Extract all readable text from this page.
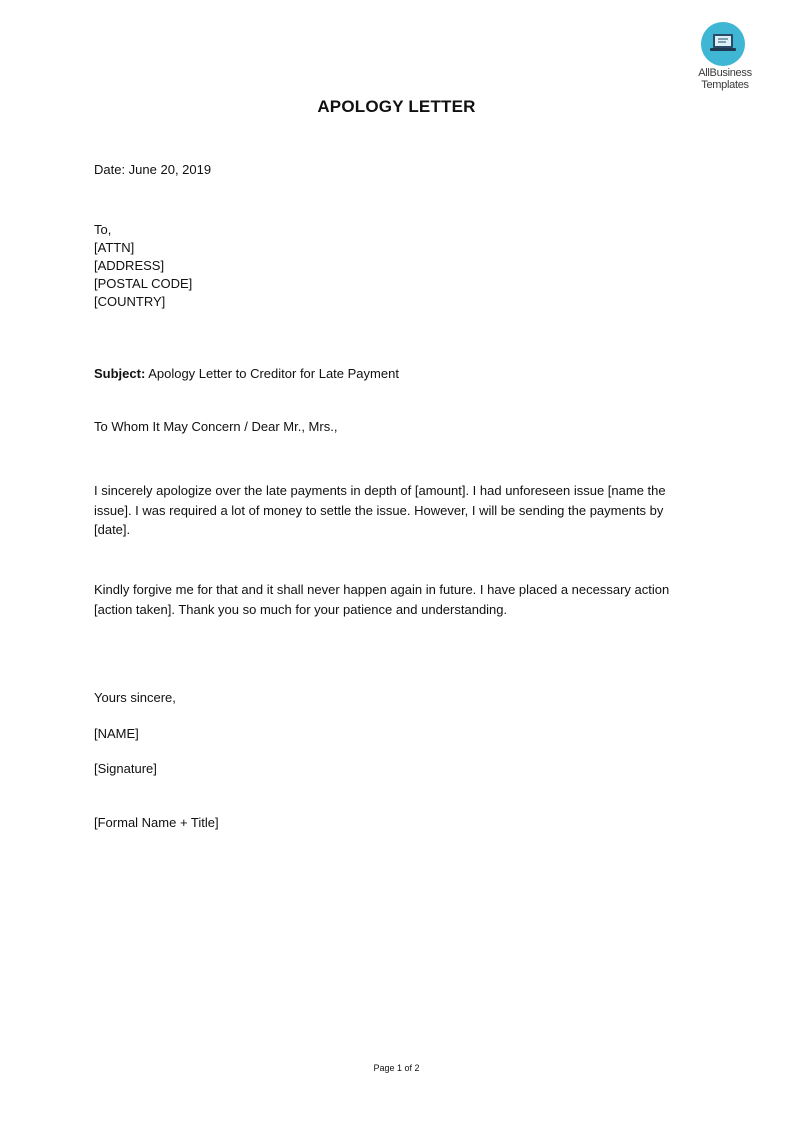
AllBusiness
Templates
APOLOGY LETTER
Date: June 20, 2019
To,
[ATTN]
[ADDRESS]
[POSTAL CODE]
[COUNTRY]
Subject: Apology Letter to Creditor for Late Payment
To Whom It May Concern / Dear Mr., Mrs.,
I sincerely apologize over the late payments in depth of [amount]. I had unforeseen issue [name the issue]. I was required a lot of money to settle the issue. However, I will be sending the payments by [date].
Kindly forgive me for that and it shall never happen again in future. I have placed a necessary action [action taken]. Thank you so much for your patience and understanding.
Yours sincere,
[NAME]
[Signature]
[Formal Name + Title]
Page 1 of 2
